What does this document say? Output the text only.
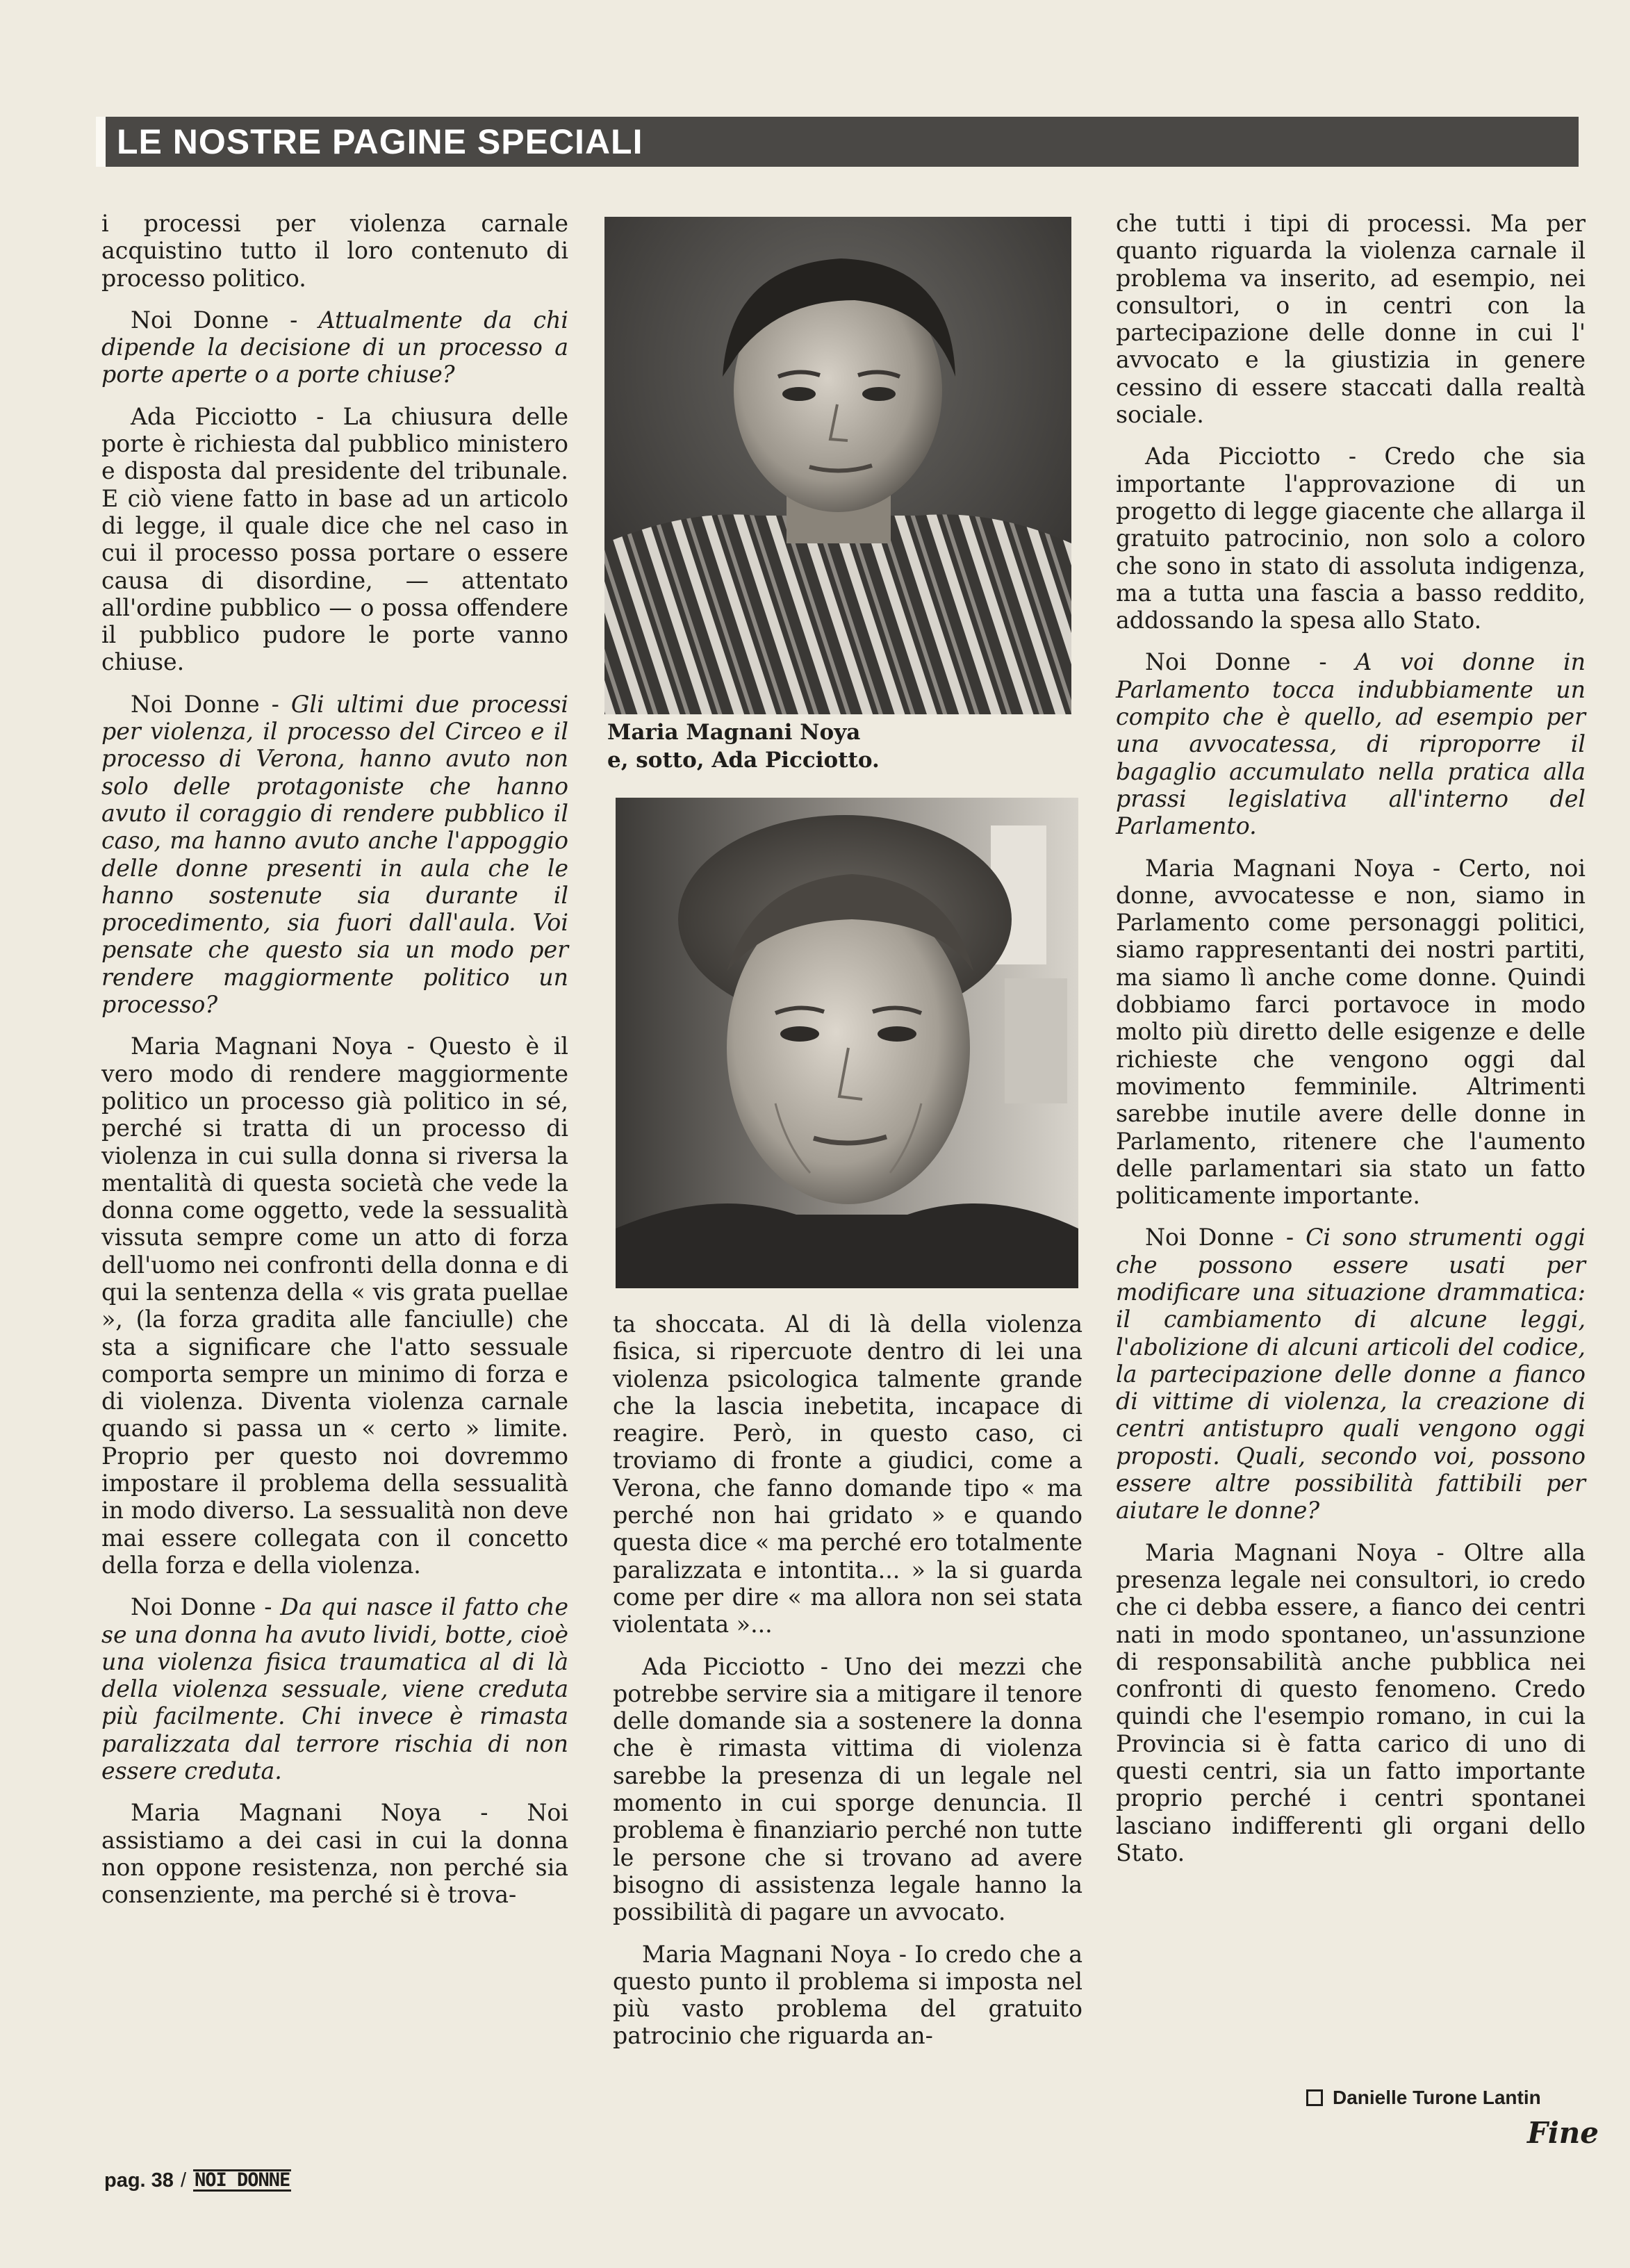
LE NOSTRE PAGINE SPECIALI

i processi per violenza carnale acquistino tutto il loro contenuto di processo politico.

Noi Donne - Attualmente da chi dipende la decisione di un processo a porte aperte o a porte chiuse?

Ada Picciotto - La chiusura delle porte è richiesta dal pubblico ministero e disposta dal presidente del tribunale. E ciò viene fatto in base ad un articolo di legge, il quale dice che nel caso in cui il processo possa portare o essere causa di disordine, — attentato all'ordine pubblico — o possa offendere il pubblico pudore le porte vanno chiuse.

Noi Donne - Gli ultimi due processi per violenza, il processo del Circeo e il processo di Verona, hanno avuto non solo delle protagoniste che hanno avuto il coraggio di rendere pubblico il caso, ma hanno avuto anche l'appoggio delle donne presenti in aula che le hanno sostenute sia durante il procedimento, sia fuori dall'aula. Voi pensate che questo sia un modo per rendere maggiormente politico un processo?

Maria Magnani Noya - Questo è il vero modo di rendere maggiormente politico un processo già politico in sé, perché si tratta di un processo di violenza in cui sulla donna si riversa la mentalità di questa società che vede la donna come oggetto, vede la sessualità vissuta sempre come un atto di forza dell'uomo nei confronti della donna e di qui la sentenza della « vis grata puellae », (la forza gradita alle fanciulle) che sta a significare che l'atto sessuale comporta sempre un minimo di forza e di violenza. Diventa violenza carnale quando si passa un « certo » limite. Proprio per questo noi dovremmo impostare il problema della sessualità in modo diverso. La sessualità non deve mai essere collegata con il concetto della forza e della violenza.

Noi Donne - Da qui nasce il fatto che se una donna ha avuto lividi, botte, cioè una violenza fisica traumatica al di là della violenza sessuale, viene creduta più facilmente. Chi invece è rimasta paralizzata dal terrore rischia di non essere creduta.

Maria Magnani Noya - Noi assistiamo a dei casi in cui la donna non oppone resistenza, non perché sia consenziente, ma perché si è trova-

Maria Magnani Noya
e, sotto, Ada Picciotto.

ta shoccata. Al di là della violenza fisica, si ripercuote dentro di lei una violenza psicologica talmente grande che la lascia inebetita, incapace di reagire. Però, in questo caso, ci troviamo di fronte a giudici, come a Verona, che fanno domande tipo « ma perché non hai gridato » e quando questa dice « ma perché ero totalmente paralizzata e intontita... » la si guarda come per dire « ma allora non sei stata violentata »...

Ada Picciotto - Uno dei mezzi che potrebbe servire sia a mitigare il tenore delle domande sia a sostenere la donna che è rimasta vittima di violenza sarebbe la presenza di un legale nel momento in cui sporge denuncia. Il problema è finanziario perché non tutte le persone che si trovano ad avere bisogno di assistenza legale hanno la possibilità di pagare un avvocato.

Maria Magnani Noya - Io credo che a questo punto il problema si imposta nel più vasto problema del gratuito patrocinio che riguarda an-

che tutti i tipi di processi. Ma per quanto riguarda la violenza carnale il problema va inserito, ad esempio, nei consultori, o in centri con la partecipazione delle donne in cui l' avvocato e la giustizia in genere cessino di essere staccati dalla realtà sociale.

Ada Picciotto - Credo che sia importante l'approvazione di un progetto di legge giacente che allarga il gratuito patrocinio, non solo a coloro che sono in stato di assoluta indigenza, ma a tutta una fascia a basso reddito, addossando la spesa allo Stato.

Noi Donne - A voi donne in Parlamento tocca indubbiamente un compito che è quello, ad esempio per una avvocatessa, di riproporre il bagaglio accumulato nella pratica alla prassi legislativa all'interno del Parlamento.

Maria Magnani Noya - Certo, noi donne, avvocatesse e non, siamo in Parlamento come personaggi politici, siamo rappresentanti dei nostri partiti, ma siamo lì anche come donne. Quindi dobbiamo farci portavoce in modo molto più diretto delle esigenze e delle richieste che vengono oggi dal movimento femminile. Altrimenti sarebbe inutile avere delle donne in Parlamento, ritenere che l'aumento delle parlamentari sia stato un fatto politicamente importante.

Noi Donne - Ci sono strumenti oggi che possono essere usati per modificare una situazione drammatica: il cambiamento di alcune leggi, l'abolizione di alcuni articoli del codice, la partecipazione delle donne a fianco di vittime di violenza, la creazione di centri antistupro quali vengono oggi proposti. Quali, secondo voi, possono essere altre possibilità fattibili per aiutare le donne?

Maria Magnani Noya - Oltre alla presenza legale nei consultori, io credo che ci debba essere, a fianco dei centri nati in modo spontaneo, un'assunzione di responsabilità anche pubblica nei confronti di questo fenomeno. Credo quindi che l'esempio romano, in cui la Provincia si è fatta carico di uno di questi centri, sia un fatto importante proprio perché i centri spontanei lasciano indifferenti gli organi dello Stato.

Danielle Turone Lantin
Fine
pag. 38 / NOI DONNE
